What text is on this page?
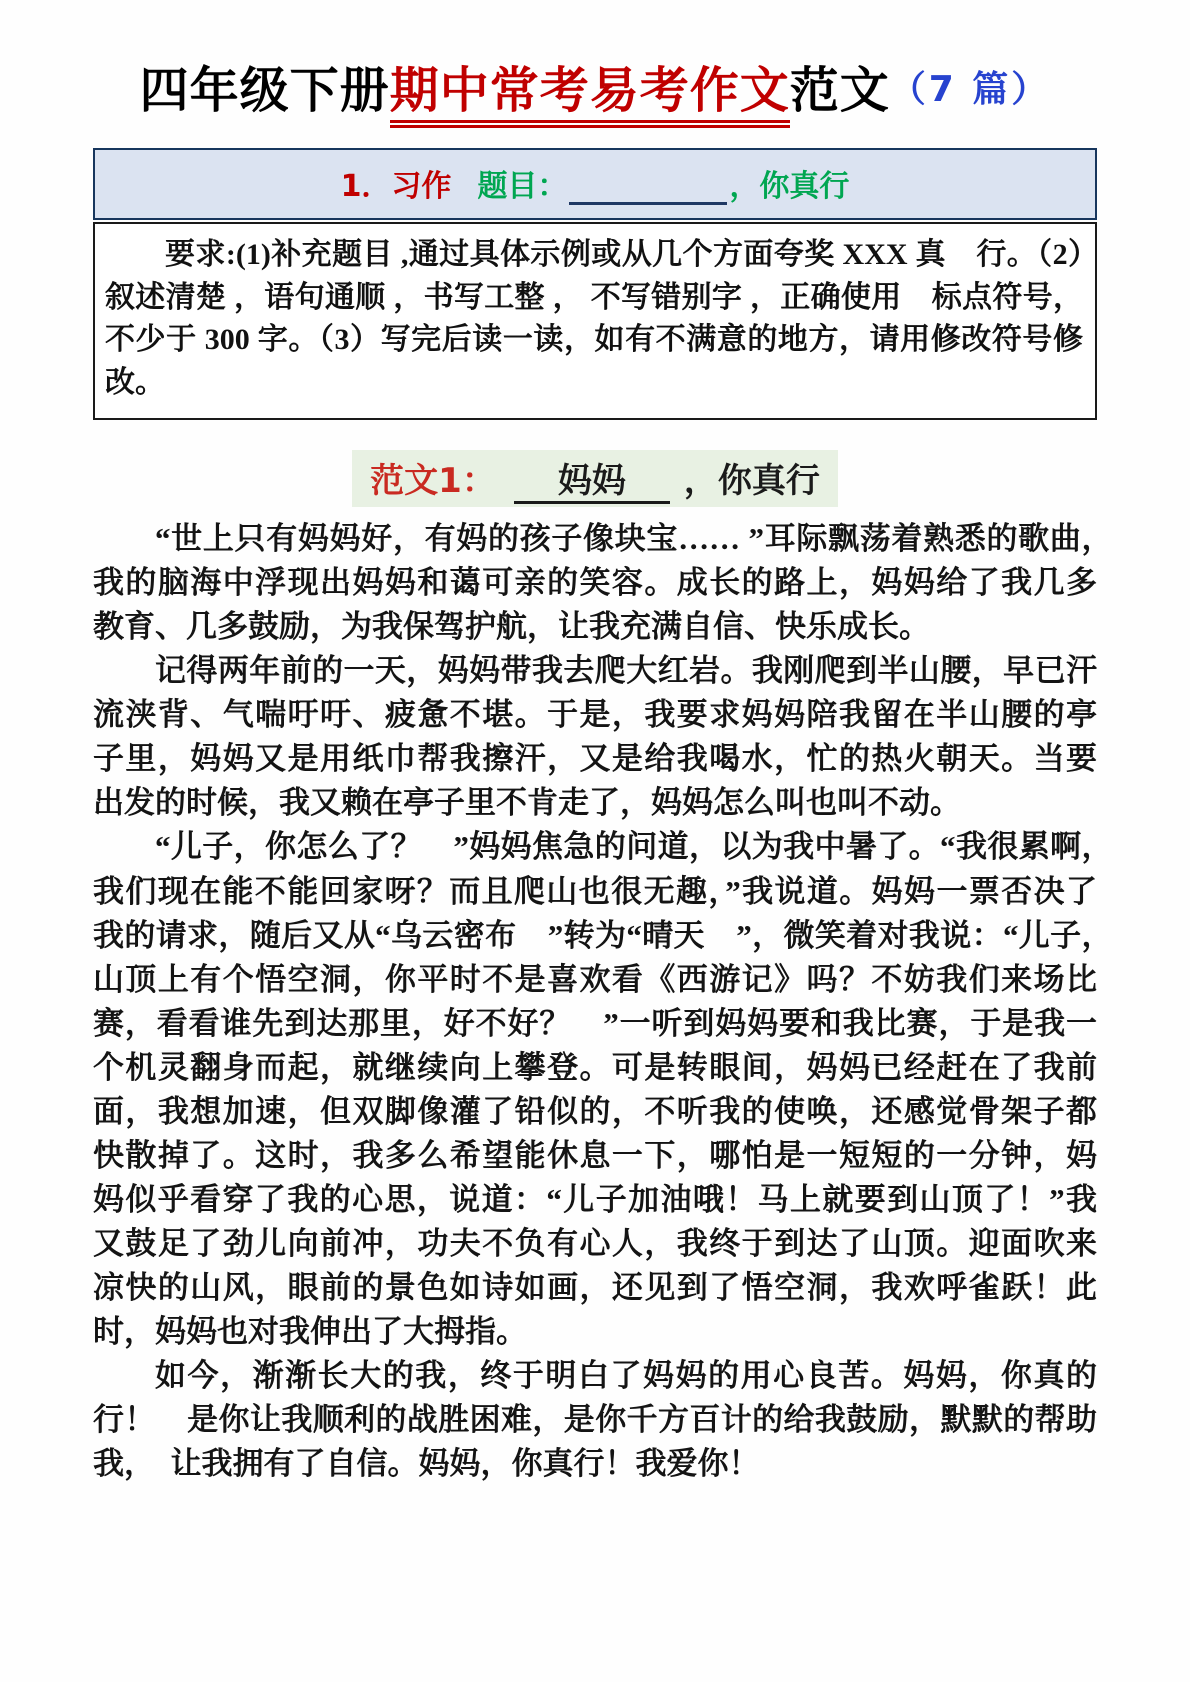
四年级下册期中常考易考作文范文（7 篇）
1．习作 题目：	，你真行

要求:(1)补充题目 ,通过具体示例或从几个方面夸奖 XXX 真　行。（2）叙述清楚 ，语句通顺 ，书写工整 ， 不写错别字 ，正确使用　标点符号，不少于 300 字。（3）写完后读一读，如有不满意的地方，请用修改符号修改。

范文1： 妈妈 ，你真行

“世上只有妈妈好，有妈的孩子像块宝…… ”耳际飘荡着熟悉的歌曲，　我的脑海中浮现出妈妈和蔼可亲的笑容。成长的路上，妈妈给了我几多　教育、几多鼓励，为我保驾护航，让我充满自信、快乐成长。

记得两年前的一天，妈妈带我去爬大红岩。我刚爬到半山腰，早已汗　流浃背、气喘吁吁、疲惫不堪。于是，我要求妈妈陪我留在半山腰的亭　子里，妈妈又是用纸巾帮我擦汗，又是给我喝水，忙的热火朝天。当要　出发的时候，我又赖在亭子里不肯走了，妈妈怎么叫也叫不动。

“儿子，你怎么了？　”妈妈焦急的问道，以为我中暑了。“我很累啊，　我们现在能不能回家呀？而且爬山也很无趣，”我说道。妈妈一票否决了　我的请求，随后又从“乌云密布　”转为“晴天　”，微笑着对我说：“儿子，　山顶上有个悟空洞，你平时不是喜欢看《西游记》吗？不妨我们来场比　赛，看看谁先到达那里，好不好？　”一听到妈妈要和我比赛，于是我一　个机灵翻身而起，就继续向上攀登。可是转眼间，妈妈已经赶在了我前　面，我想加速，但双脚像灌了铅似的，不听我的使唤，还感觉骨架子都　快散掉了。这时，我多么希望能休息一下，哪怕是一短短的一分钟，妈　妈似乎看穿了我的心思，说道：“儿子加油哦！马上就要到山顶了！”我　又鼓足了劲儿向前冲，功夫不负有心人，我终于到达了山顶。迎面吹来　凉快的山风，眼前的景色如诗如画，还见到了悟空洞，我欢呼雀跃！此　时，妈妈也对我伸出了大拇指。

如今，渐渐长大的我，终于明白了妈妈的用心良苦。妈妈，你真的行！　是你让我顺利的战胜困难，是你千方百计的给我鼓励，默默的帮助我，　让我拥有了自信。妈妈，你真行！我爱你！
